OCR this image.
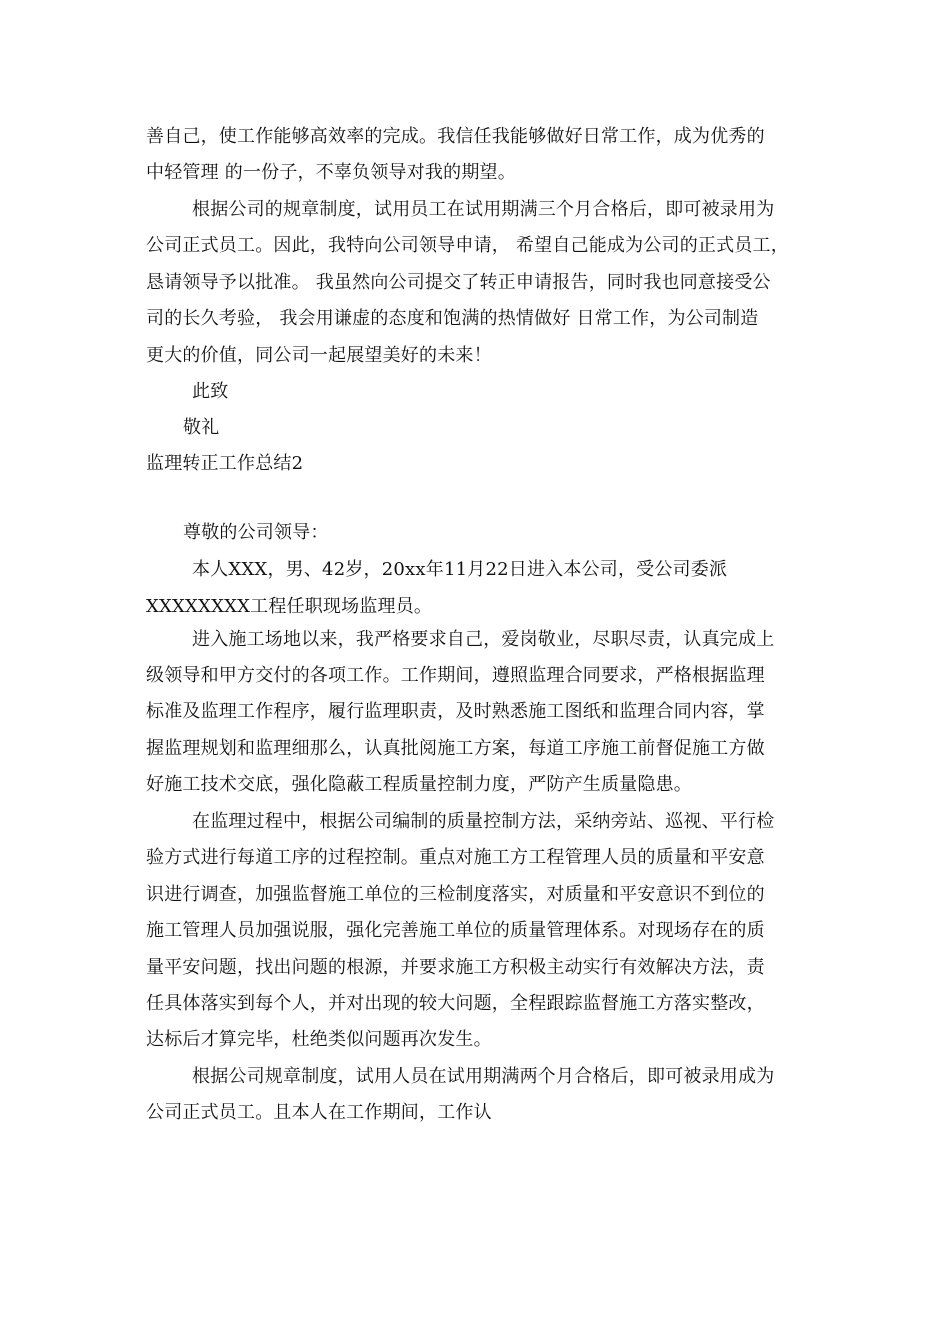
善自己，使工作能够高效率的完成。我信任我能够做好日常工作，成为优秀的
中轻管理 的一份子，不辜负领导对我的期望。
根据公司的规章制度，试用员工在试用期满三个月合格后，即可被录用为
公司正式员工。因此，我特向公司领导申请， 希望自己能成为公司的正式员工，
恳请领导予以批准。 我虽然向公司提交了转正申请报告，同时我也同意接受公
司的长久考验， 我会用谦虚的态度和饱满的热情做好 日常工作，为公司制造
更大的价值，同公司一起展望美好的未来！
此致
敬礼
监理转正工作总结2
尊敬的公司领导：
本人XXX，男、42岁，20xx年11月22日进入本公司，受公司委派
XXXXXXXX工程任职现场监理员。
进入施工场地以来，我严格要求自己，爱岗敬业，尽职尽责，认真完成上
级领导和甲方交付的各项工作。工作期间，遵照监理合同要求，严格根据监理
标准及监理工作程序，履行监理职责，及时熟悉施工图纸和监理合同内容，掌
握监理规划和监理细那么，认真批阅施工方案，每道工序施工前督促施工方做
好施工技术交底，强化隐蔽工程质量控制力度，严防产生质量隐患。
在监理过程中，根据公司编制的质量控制方法，采纳旁站、巡视、平行检
验方式进行每道工序的过程控制。重点对施工方工程管理人员的质量和平安意
识进行调查，加强监督施工单位的三检制度落实，对质量和平安意识不到位的
施工管理人员加强说服，强化完善施工单位的质量管理体系。对现场存在的质
量平安问题，找出问题的根源，并要求施工方积极主动实行有效解决方法，责
任具体落实到每个人，并对出现的较大问题，全程跟踪监督施工方落实整改，
达标后才算完毕，杜绝类似问题再次发生。
根据公司规章制度，试用人员在试用期满两个月合格后，即可被录用成为
公司正式员工。且本人在工作期间，工作认
